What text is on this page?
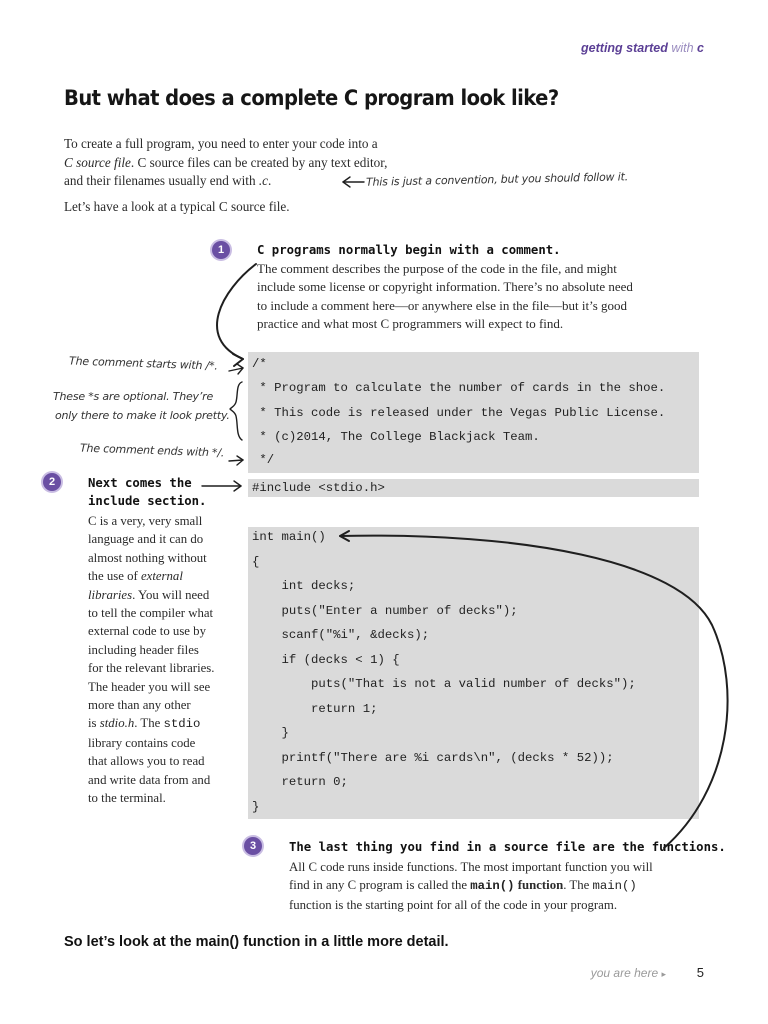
getting started with c
But what does a complete C program look like?
To create a full program, you need to enter your code into a
C source file. C source files can be created by any text editor,
and their filenames usually end with .c.	This is just a convention, but you should follow it.
Let’s have a look at a typical C source file.
1	C programs normally begin with a comment.
The comment describes the purpose of the code in the file, and might
include some license or copyright information. There’s no absolute need
to include a comment here—or anywhere else in the file—but it’s good
practice and what most C programmers will expect to find.
/*
* Program to calculate the number of cards in the shoe.
* This code is released under the Vegas Public License.
* (c)2014, The College Blackjack Team.
*/
The comment starts with /*.
These *s are optional. They’re
only there to make it look pretty.
The comment ends with */.
#include <stdio.h>
2	Next comes the
include section.
C is a very, very small
language and it can do
almost nothing without
the use of external
libraries. You will need
to tell the compiler what
external code to use by
including header files
for the relevant libraries.
The header you will see
more than any other
is stdio.h. The stdio
library contains code
that allows you to read
and write data from and
to the terminal.
int main()
{
int decks;
puts("Enter a number of decks");
scanf("%i", &decks);
if (decks < 1) {
puts("That is not a valid number of decks");
return 1;
}
printf("There are %i cards\n", (decks * 52));
return 0;
}
3	The last thing you find in a source file are the functions.
All C code runs inside functions. The most important function you will
find in any C program is called the main() function. The main()
function is the starting point for all of the code in your program.
So let’s look at the main() function in a little more detail.
you are here ▸ 5
